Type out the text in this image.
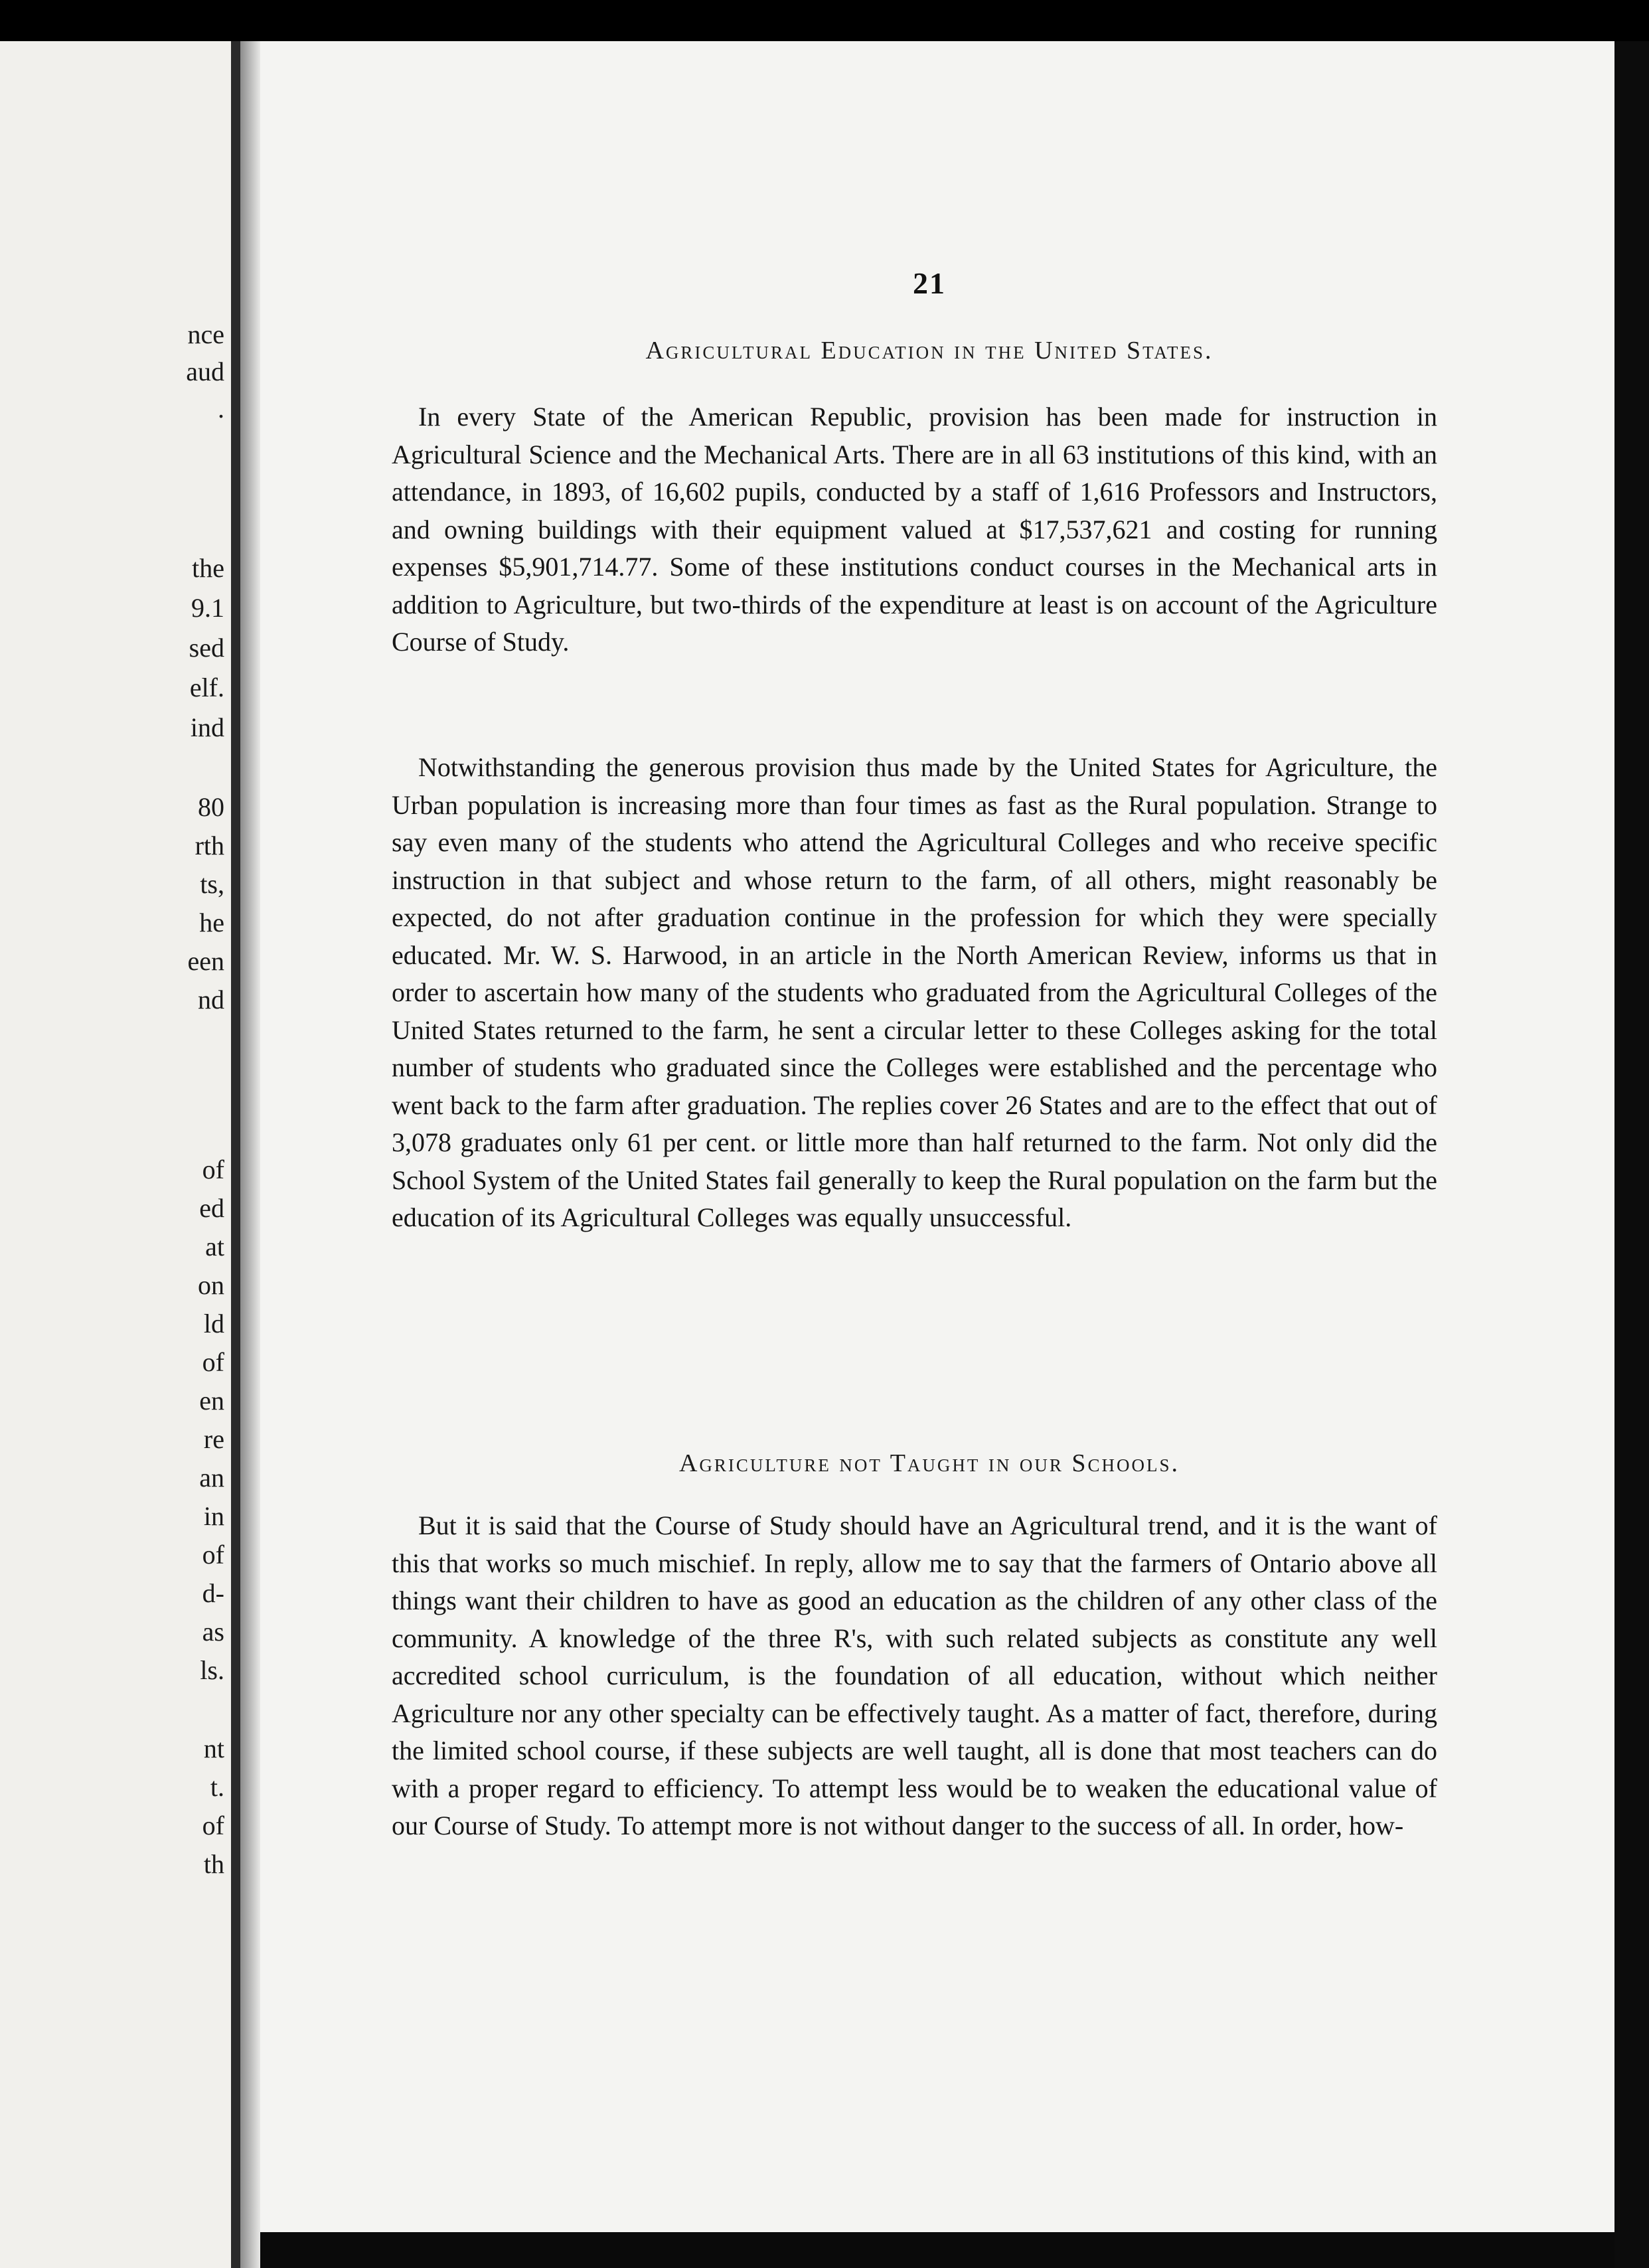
nce
aud
.
the
9.1
sed
elf.
ind
80
rth
ts,
he
een
nd
of
ed
at
on
ld
of
en
re
an
in
of
d-
as
ls.
nt
t.
of
th
21
Agricultural Education in the United States.

In every State of the American Republic, provision has been made for instruction in Agricultural Science and the Mechanical Arts. There are in all 63 institutions of this kind, with an attendance, in 1893, of 16,602 pupils, conducted by a staff of 1,616 Professors and Instructors, and owning buildings with their equipment valued at $17,537,621 and costing for running expenses $5,901,714.77. Some of these institutions conduct courses in the Mechanical arts in addition to Agriculture, but two-thirds of the expenditure at least is on account of the Agriculture Course of Study.

Notwithstanding the generous provision thus made by the United States for Agriculture, the Urban population is increasing more than four times as fast as the Rural population. Strange to say even many of the students who attend the Agricultural Colleges and who receive specific instruction in that subject and whose return to the farm, of all others, might reasonably be expected, do not after graduation continue in the profession for which they were specially educated. Mr. W. S. Harwood, in an article in the North American Review, informs us that in order to ascertain how many of the students who graduated from the Agricultural Colleges of the United States returned to the farm, he sent a circular letter to these Colleges asking for the total number of students who graduated since the Colleges were established and the percentage who went back to the farm after graduation. The replies cover 26 States and are to the effect that out of 3,078 graduates only 61 per cent. or little more than half returned to the farm. Not only did the School System of the United States fail generally to keep the Rural population on the farm but the education of its Agricultural Colleges was equally unsuccessful.

Agriculture not Taught in our Schools.

But it is said that the Course of Study should have an Agricultural trend, and it is the want of this that works so much mischief. In reply, allow me to say that the farmers of Ontario above all things want their children to have as good an education as the children of any other class of the community. A knowledge of the three R's, with such related subjects as constitute any well accredited school curriculum, is the foundation of all education, without which neither Agriculture nor any other specialty can be effectively taught. As a matter of fact, therefore, during the limited school course, if these subjects are well taught, all is done that most teachers can do with a proper regard to efficiency. To attempt less would be to weaken the educational value of our Course of Study. To attempt more is not without danger to the success of all. In order, how-
